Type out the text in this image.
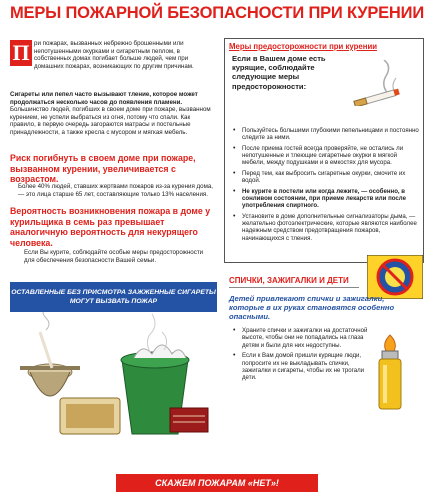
МЕРЫ ПОЖАРНОЙ БЕЗОПАСНОСТИ ПРИ КУРЕНИИ
П ри пожарах, вызванных небрежно брошенными или непотушенными окурками и сигаретным пеплом, в собственных домах погибает больше людей, чем при домашних пожарах, возникающих по другим причинам.
Сигареты или пепел часто вызывают тление, которое может продолжаться несколько часов до появления пламени. Большинство людей, погибших в своем доме при пожаре, вызванном курением, не успели выбраться из огня, потому что спали. Как правило, в первую очередь загораются матрасы и постельные принадлежности, а также кресла с мусором и мягкая мебель.
Риск погибнуть в своем доме при пожаре, вызванном курении, увеличивается с возрастом.
Более 40% людей, ставших жертвами пожаров из-за курения дома, — это лица старше 65 лет, составляющие только 13% населения.
Вероятность возникновения пожара в доме у курильщика в семь раз превышает аналогичную вероятность для некурящего человека.
Если Вы курите, соблюдайте особые меры предосторожности для обеспечения безопасности Вашей семьи.
ОСТАВЛЕННЫЕ БЕЗ ПРИСМОТРА ЗАЖЖЕННЫЕ СИГАРЕТЫ МОГУТ ВЫЗВАТЬ ПОЖАР
Меры предосторожности при курении
Если в Вашем доме есть курящие, соблюдайте следующие меры предосторожности:
• Пользуйтесь большими глубокими пепельницами и постоянно следите за ними.
• После приема гостей всегда проверяйте, не остались ли непотушенные и тлеющие сигаретные окурки в мягкой мебели, между подушками и в емкостях для мусора.
• Перед тем, как выбросить сигаретные окурки, смочите их водой.
• Не курите в постели или когда лежите, — особенно, в сонливом состоянии, при приеме лекарств или после употребления спиртного.
• Установите в доме дополнительные сигнализаторы дыма, — желательно фотоэлектрические, которые являются наиболее надежным средством предотвращения пожаров, начинающихся с тления.
СПИЧКИ, ЗАЖИГАЛКИ И ДЕТИ
Детей привлекают спички и зажигалки, которые в их руках становятся особенно опасными.
• Храните спички и зажигалки на достаточной высоте, чтобы они не попадались на глаза детям и были для них недоступны.
• Если к Вам домой пришли курящие люди, попросите их не выкладывать спички, зажигалки и сигареты, чтобы их не трогали дети.
СКАЖЕМ ПОЖАРАМ «НЕТ»!
